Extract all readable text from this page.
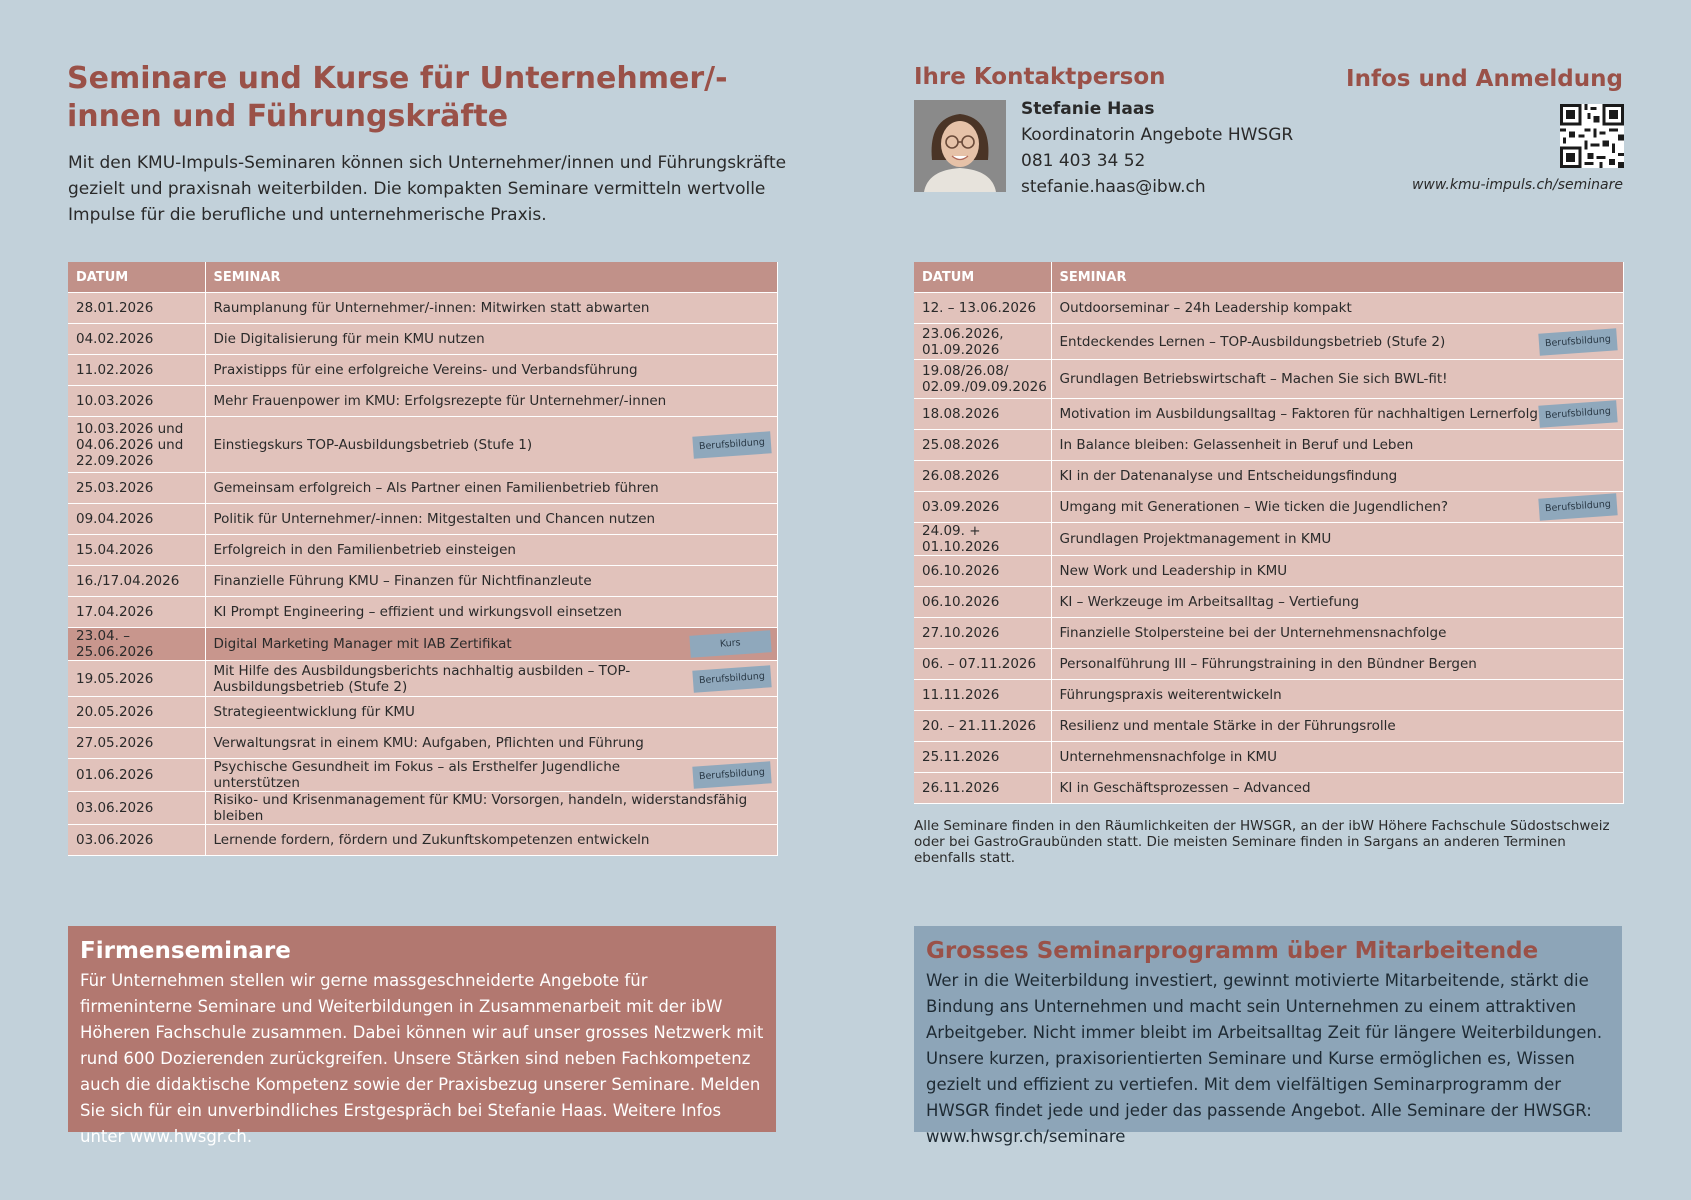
Seminare und Kurse für Unternehmer/-innen und Führungskräfte

Mit den KMU-Impuls-Seminaren können sich Unternehmer/innen und Führungskräfte gezielt und praxisnah weiterbilden. Die kompakten Seminare vermitteln wertvolle Impulse für die berufliche und unternehmerische Praxis.

DATUM	SEMINAR
28.01.2026	Raumplanung für Unternehmer/-innen: Mitwirken statt abwarten
04.02.2026	Die Digitalisierung für mein KMU nutzen
11.02.2026	Praxistipps für eine erfolgreiche Vereins- und Verbandsführung
10.03.2026	Mehr Frauenpower im KMU: Erfolgsrezepte für Unternehmer/-innen
10.03.2026 und 04.06.2026 und 22.09.2026	Einstiegskurs TOP-Ausbildungsbetrieb (Stufe 1) Berufsbildung

25.03.2026	Gemeinsam erfolgreich – Als Partner einen Familienbetrieb führen
09.04.2026	Politik für Unternehmer/-innen: Mitgestalten und Chancen nutzen
15.04.2026	Erfolgreich in den Familienbetrieb einsteigen
16./17.04.2026	Finanzielle Führung KMU – Finanzen für Nichtfinanzleute
17.04.2026	KI Prompt Engineering – effizient und wirkungsvoll einsetzen
23.04. – 25.06.2026	Digital Marketing Manager mit IAB Zertifikat Kurs

19.05.2026	Mit Hilfe des Ausbildungsberichts nachhaltig ausbilden – TOP-Ausbildungsbetrieb (Stufe 2)
Berufsbildung

20.05.2026	Strategieentwicklung für KMU
27.05.2026	Verwaltungsrat in einem KMU: Aufgaben, Pflichten und Führung
01.06.2026	Psychische Gesundheit im Fokus – als Ersthelfer Jugendliche unterstützen
Berufsbildung

03.06.2026	Risiko- und Krisenmanagement für KMU: Vorsorgen, handeln, widerstandsfähig bleiben
03.06.2026	Lernende fordern, fördern und Zukunftskompetenzen entwickeln
Ihre Kontaktperson
Stefanie Haas
Koordinatorin Angebote HWSGR
081 403 34 52
stefanie.haas@ibw.ch
Infos und Anmeldung
www.kmu-impuls.ch/seminare
DATUM	SEMINAR
12. – 13.06.2026	Outdoorseminar – 24h Leadership kompakt
23.06.2026, 01.09.2026	Entdeckendes Lernen – TOP-Ausbildungsbetrieb (Stufe 2) Berufsbildung

19.08/26.08/ 02.09./09.09.2026	Grundlagen Betriebswirtschaft – Machen Sie sich BWL-fit!
18.08.2026	Motivation im Ausbildungsalltag – Faktoren für nachhaltigen Lernerfolg Berufsbildung

25.08.2026	In Balance bleiben: Gelassenheit in Beruf und Leben
26.08.2026	KI in der Datenanalyse und Entscheidungsfindung
03.09.2026	Umgang mit Generationen – Wie ticken die Jugendlichen? Berufsbildung

24.09. + 01.10.2026	Grundlagen Projektmanagement in KMU
06.10.2026	New Work und Leadership in KMU
06.10.2026	KI – Werkzeuge im Arbeitsalltag – Vertiefung
27.10.2026	Finanzielle Stolpersteine bei der Unternehmensnachfolge
06. – 07.11.2026	Personalführung III – Führungstraining in den Bündner Bergen
11.11.2026	Führungspraxis weiterentwickeln
20. – 21.11.2026	Resilienz und mentale Stärke in der Führungsrolle
25.11.2026	Unternehmensnachfolge in KMU
26.11.2026	KI in Geschäftsprozessen – Advanced
Alle Seminare finden in den Räumlichkeiten der HWSGR, an der ibW Höhere Fachschule Südostschweiz oder bei GastroGraubünden statt. Die meisten Seminare finden in Sargans an anderen Terminen ebenfalls statt.
Firmenseminare

Für Unternehmen stellen wir gerne massgeschneiderte Angebote für firmeninterne Seminare und Weiterbildungen in Zusammenarbeit mit der ibW Höheren Fachschule zusammen. Dabei können wir auf unser grosses Netzwerk mit rund 600 Dozierenden zurückgreifen. Unsere Stärken sind neben Fachkompetenz auch die didaktische Kompetenz sowie der Praxisbezug unserer Seminare. Melden Sie sich für ein unverbindliches Erstgespräch bei Stefanie Haas. Weitere Infos unter www.hwsgr.ch.

Grosses Seminarprogramm über Mitarbeitende

Wer in die Weiterbildung investiert, gewinnt motivierte Mitarbeitende, stärkt die Bindung ans Unternehmen und macht sein Unternehmen zu einem attraktiven Arbeitgeber. Nicht immer bleibt im Arbeitsalltag Zeit für längere Weiterbildungen. Unsere kurzen, praxisorientierten Seminare und Kurse ermöglichen es, Wissen gezielt und effizient zu vertiefen. Mit dem vielfältigen Seminarprogramm der HWSGR findet jede und jeder das passende Angebot. Alle Seminare der HWSGR: www.hwsgr.ch/seminare
